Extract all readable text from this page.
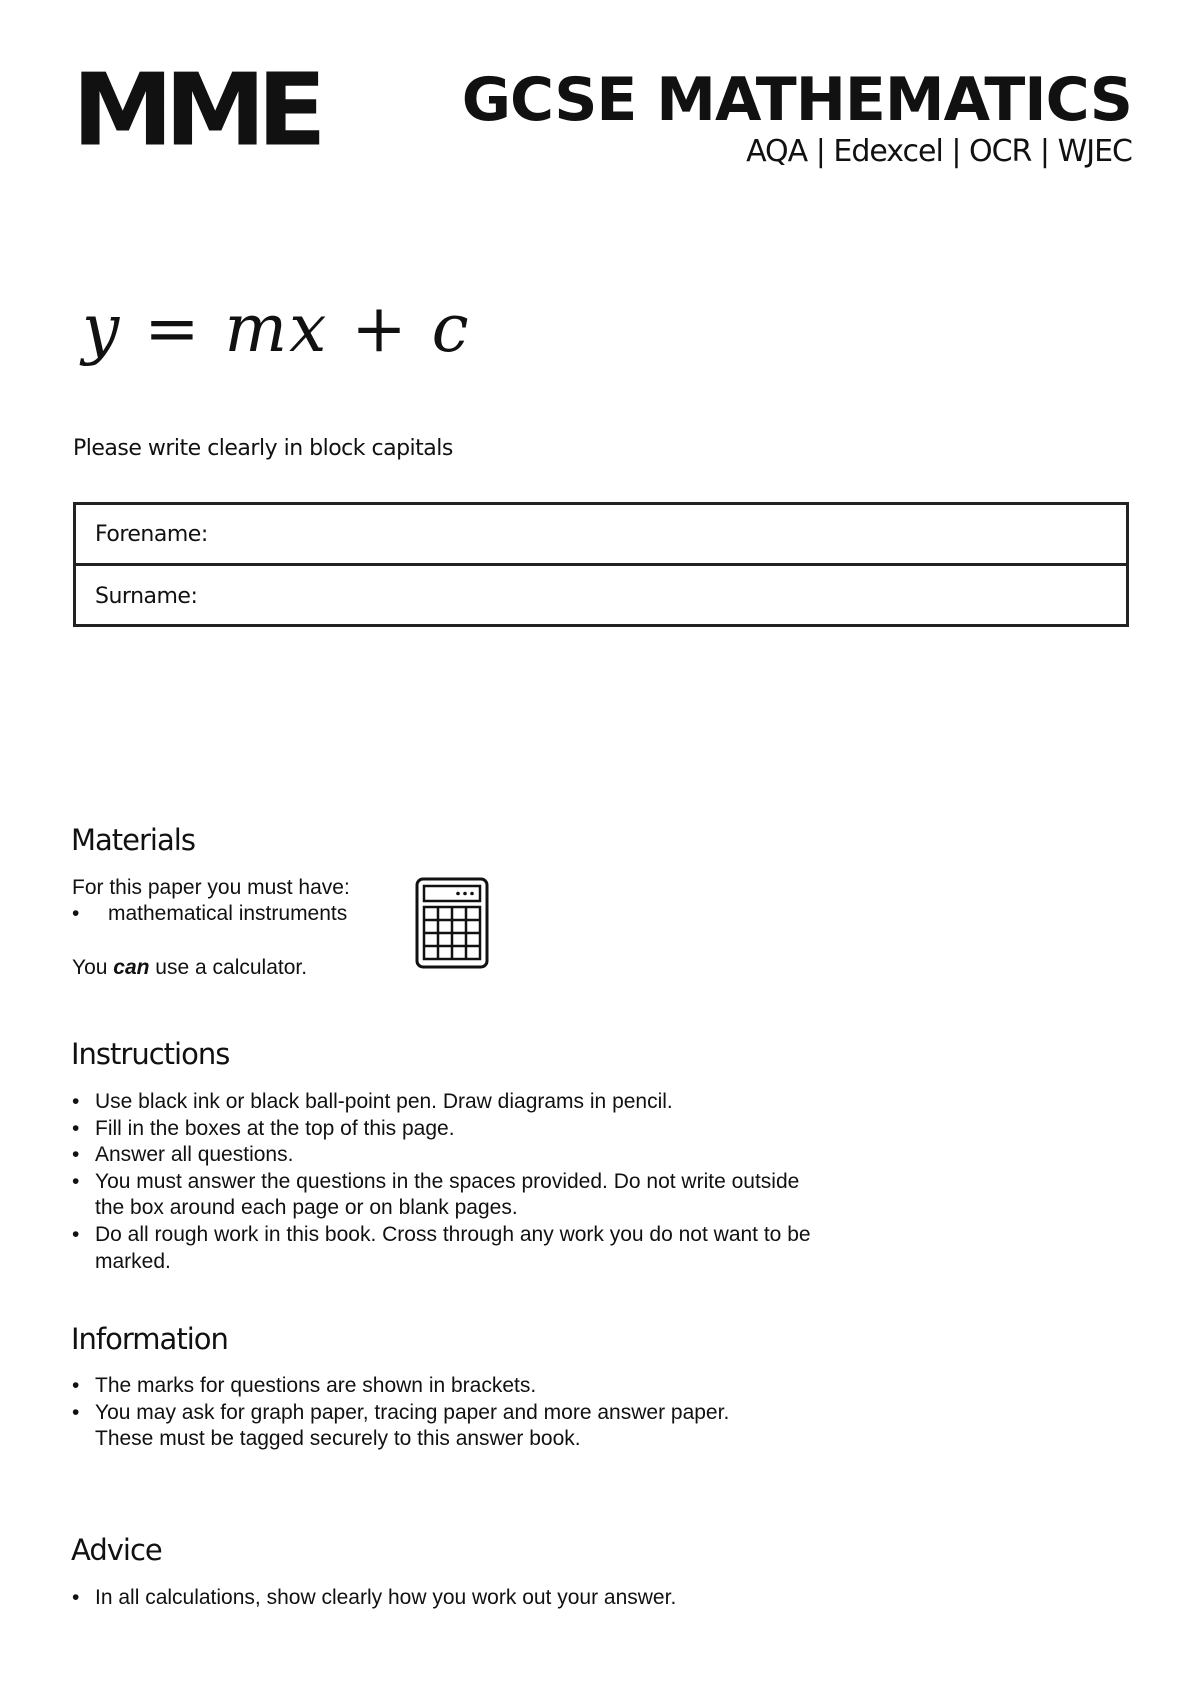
MME GCSE MATHEMATICS
AQA | Edexcel | OCR | WJEC
y = mx + c
Please write clearly in block capitals
Forename:
Surname:
Materials
For this paper you must have:
• mathematical instruments
You can use a calculator.
Instructions
• Use black ink or black ball-point pen. Draw diagrams in pencil.
• Fill in the boxes at the top of this page.
• Answer all questions.
• You must answer the questions in the spaces provided. Do not write outside the box around each page or on blank pages.
• Do all rough work in this book. Cross through any work you do not want to be marked.
Information
• The marks for questions are shown in brackets.
• You may ask for graph paper, tracing paper and more answer paper. These must be tagged securely to this answer book.
Advice
• In all calculations, show clearly how you work out your answer.
